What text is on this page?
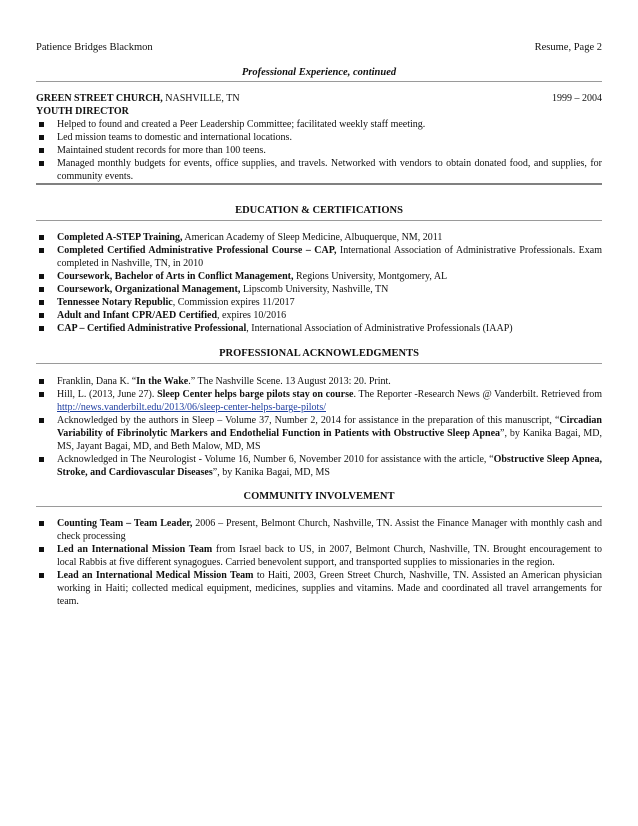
Patience Bridges Blackmon	Resume, Page 2
Professional Experience, continued
GREEN STREET CHURCH, NASHVILLE, TN	1999 – 2004
YOUTH DIRECTOR
Helped to found and created a Peer Leadership Committee; facilitated weekly staff meeting.
Led mission teams to domestic and international locations.
Maintained student records for more than 100 teens.
Managed monthly budgets for events, office supplies, and travels. Networked with vendors to obtain donated food, and supplies, for community events.
EDUCATION & CERTIFICATIONS
Completed A-STEP Training, American Academy of Sleep Medicine, Albuquerque, NM, 2011
Completed Certified Administrative Professional Course – CAP, International Association of Administrative Professionals. Exam completed in Nashville, TN, in 2010
Coursework, Bachelor of Arts in Conflict Management, Regions University, Montgomery, AL
Coursework, Organizational Management, Lipscomb University, Nashville, TN
Tennessee Notary Republic, Commission expires 11/2017
Adult and Infant CPR/AED Certified, expires 10/2016
CAP – Certified Administrative Professional, International Association of Administrative Professionals (IAAP)
PROFESSIONAL ACKNOWLEDGMENTS
Franklin, Dana K. “In the Wake.” The Nashville Scene. 13 August 2013: 20. Print.
Hill, L. (2013, June 27). Sleep Center helps barge pilots stay on course. The Reporter -Research News @ Vanderbilt. Retrieved from http://news.vanderbilt.edu/2013/06/sleep-center-helps-barge-pilots/
Acknowledged by the authors in Sleep – Volume 37, Number 2, 2014 for assistance in the preparation of this manuscript, “Circadian Variability of Fibrinolytic Markers and Endothelial Function in Patients with Obstructive Sleep Apnea”, by Kanika Bagai, MD, MS, Jayant Bagai, MD, and Beth Malow, MD, MS
Acknowledged in The Neurologist - Volume 16, Number 6, November 2010 for assistance with the article, “Obstructive Sleep Apnea, Stroke, and Cardiovascular Diseases”, by Kanika Bagai, MD, MS
COMMUNITY INVOLVEMENT
Counting Team – Team Leader, 2006 – Present, Belmont Church, Nashville, TN. Assist the Finance Manager with monthly cash and check processing
Led an International Mission Team from Israel back to US, in 2007, Belmont Church, Nashville, TN. Brought encouragement to local Rabbis at five different synagogues. Carried benevolent support, and transported supplies to missionaries in the region.
Lead an International Medical Mission Team to Haiti, 2003, Green Street Church, Nashville, TN. Assisted an American physician working in Haiti; collected medical equipment, medicines, supplies and vitamins. Made and coordinated all travel arrangements for team.
